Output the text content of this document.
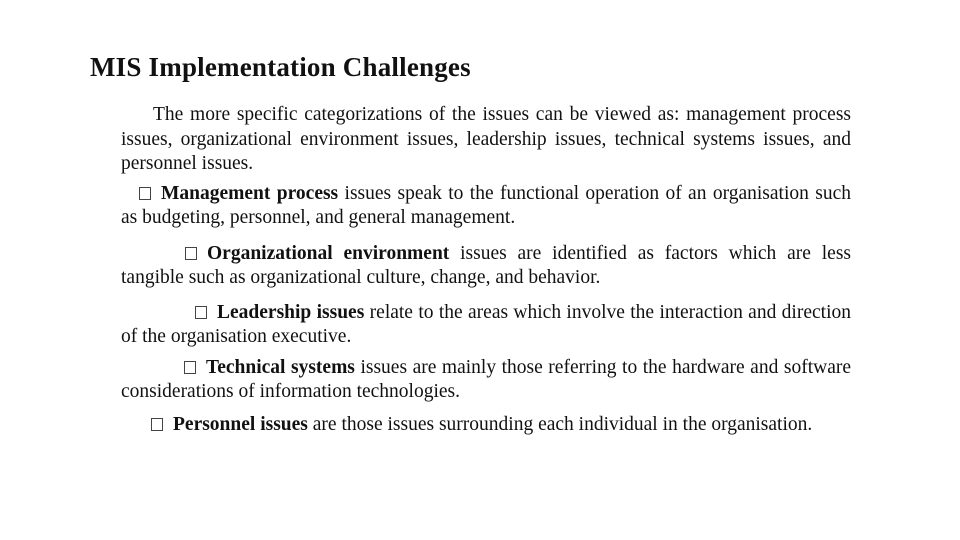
MIS Implementation Challenges

The more specific categorizations of the issues can be viewed as: management process issues, organizational environment issues, leadership issues, technical systems issues, and personnel issues.

Management process issues speak to the functional operation of an organisation such as budgeting, personnel, and general management.

Organizational environment issues are identified as factors which are less tangible such as organizational culture, change, and behavior.

Leadership issues relate to the areas which involve the interaction and direction of the organisation executive.

Technical systems issues are mainly those referring to the hardware and software considerations of information technologies.

Personnel issues are those issues surrounding each individual in the organisation.
